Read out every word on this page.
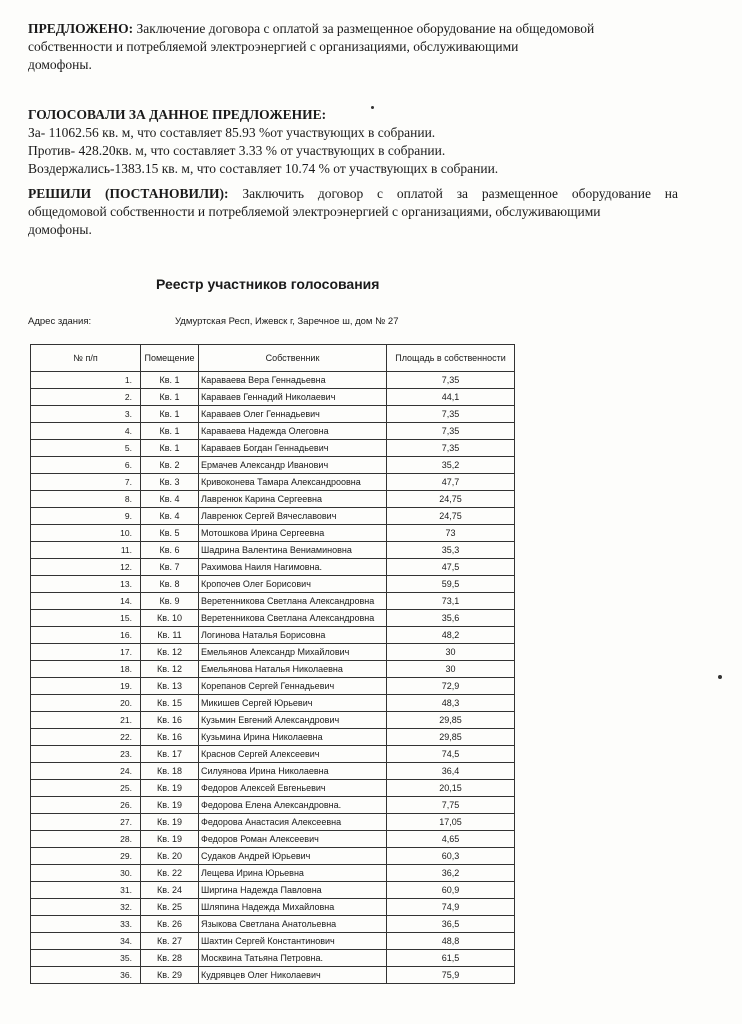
ПРЕДЛОЖЕНО: Заключение договора с оплатой за размещенное оборудование на общедомовой
собственности и потребляемой электроэнергией с организациями, обслуживающими
домофоны.
ГОЛОСОВАЛИ ЗА ДАННОЕ ПРЕДЛОЖЕНИЕ:
За- 11062.56 кв. м, что составляет 85.93 %от участвующих в собрании.
Против- 428.20кв. м, что составляет 3.33 % от участвующих в собрании.
Воздержались-1383.15 кв. м, что составляет 10.74 % от участвующих в собрании.
РЕШИЛИ (ПОСТАНОВИЛИ): Заключить договор с оплатой за размещенное оборудование на
общедомовой собственности и потребляемой электроэнергией с организациями, обслуживающими
домофоны.
Реестр участников голосования
Адрес здания:	Удмуртская Респ, Ижевск г, Заречное ш, дом № 27
№ п/п	Помещение	Собственник	Площадь в собственности
1.	Кв. 1	Караваева Вера Геннадьевна	7,35
2.	Кв. 1	Караваев Геннадий Николаевич	44,1
3.	Кв. 1	Караваев Олег Геннадьевич	7,35
4.	Кв. 1	Караваева Надежда Олеговна	7,35
5.	Кв. 1	Караваев Богдан Геннадьевич	7,35
6.	Кв. 2	Ермачев Александр Иванович	35,2
7.	Кв. 3	Кривоконева Тамара Александроовна	47,7
8.	Кв. 4	Лавренюк Карина Сергеевна	24,75
9.	Кв. 4	Лавренюк Сергей Вячеславович	24,75
10.	Кв. 5	Мотошкова Ирина Сергеевна	73
11.	Кв. 6	Шадрина Валентина Вениаминовна	35,3
12.	Кв. 7	Рахимова Наиля Нагимовна.	47,5
13.	Кв. 8	Кропочев Олег Борисович	59,5
14.	Кв. 9	Веретенникова Светлана Александровна	73,1
15.	Кв. 10	Веретенникова Светлана Александровна	35,6
16.	Кв. 11	Логинова Наталья Борисовна	48,2
17.	Кв. 12	Емельянов Александр Михайлович	30
18.	Кв. 12	Емельянова Наталья Николаевна	30
19.	Кв. 13	Корепанов Сергей Геннадьевич	72,9
20.	Кв. 15	Микишев Сергей Юрьевич	48,3
21.	Кв. 16	Кузьмин Евгений Александрович	29,85
22.	Кв. 16	Кузьмина Ирина Николаевна	29,85
23.	Кв. 17	Краснов Сергей Алексеевич	74,5
24.	Кв. 18	Силуянова Ирина Николаевна	36,4
25.	Кв. 19	Федоров Алексей Евгеньевич	20,15
26.	Кв. 19	Федорова Елена Александровна.	7,75
27.	Кв. 19	Федорова Анастасия Алексеевна	17,05
28.	Кв. 19	Федоров Роман Алексеевич	4,65
29.	Кв. 20	Судаков Андрей Юрьевич	60,3
30.	Кв. 22	Лещева Ирина Юрьевна	36,2
31.	Кв. 24	Ширгина Надежда Павловна	60,9
32.	Кв. 25	Шляпина Надежда Михайловна	74,9
33.	Кв. 26	Языкова Светлана Анатольевна	36,5
34.	Кв. 27	Шахтин Сергей Константинович	48,8
35.	Кв. 28	Москвина Татьяна Петровна.	61,5
36.	Кв. 29	Кудрявцев Олег Николаевич	75,9
